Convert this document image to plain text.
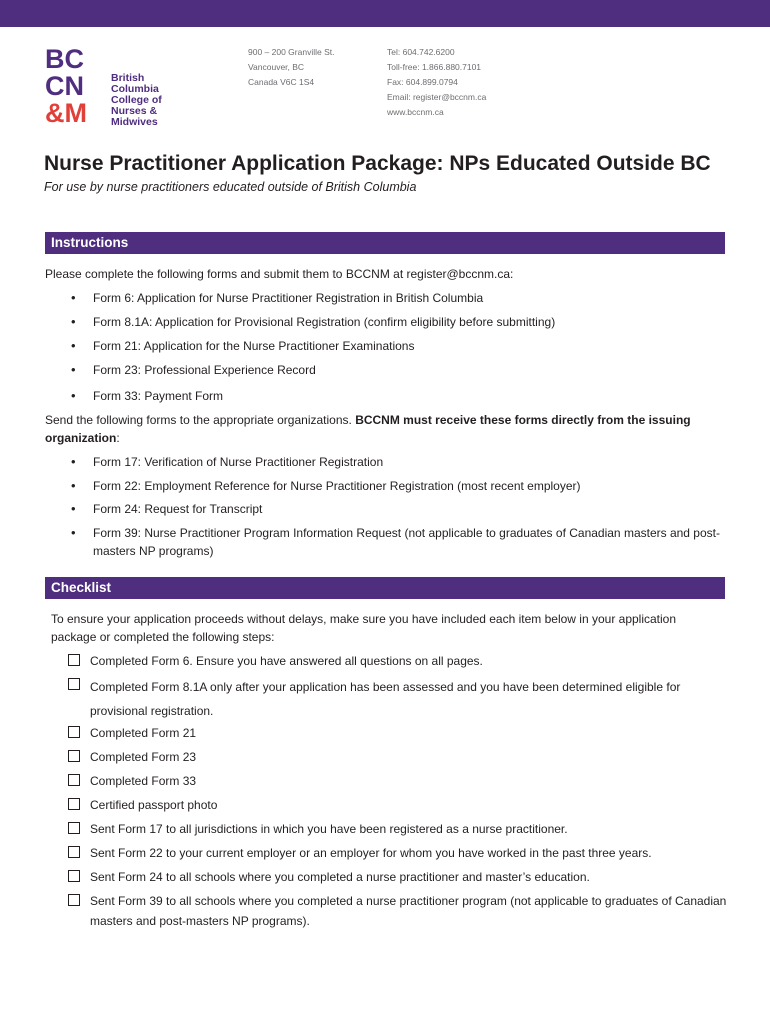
BC
CN
&M
British
Columbia
College of
Nurses &
Midwives
900 – 200 Granville St.
Vancouver, BC
Canada V6C 1S4
Tel: 604.742.6200
Toll-free: 1.866.880.7101
Fax: 604.899.0794
Email: register@bccnm.ca
www.bccnm.ca
Nurse Practitioner Application Package: NPs Educated Outside BC
For use by nurse practitioners educated outside of British Columbia
Instructions
Please complete the following forms and submit them to BCCNM at register@bccnm.ca:
• Form 6: Application for Nurse Practitioner Registration in British Columbia
• Form 8.1A: Application for Provisional Registration (confirm eligibility before submitting)
• Form 21: Application for the Nurse Practitioner Examinations
• Form 23: Professional Experience Record
• Form 33: Payment Form
Send the following forms to the appropriate organizations. BCCNM must receive these forms directly from the issuing organization:
• Form 17: Verification of Nurse Practitioner Registration
• Form 22: Employment Reference for Nurse Practitioner Registration (most recent employer)
• Form 24: Request for Transcript
• Form 39: Nurse Practitioner Program Information Request (not applicable to graduates of Canadian masters and post-masters NP programs)
Checklist
To ensure your application proceeds without delays, make sure you have included each item below in your application package or completed the following steps:
Completed Form 6. Ensure you have answered all questions on all pages.
Completed Form 8.1A only after your application has been assessed and you have been determined eligible for provisional registration.
Completed Form 21
Completed Form 23
Completed Form 33
Certified passport photo
Sent Form 17 to all jurisdictions in which you have been registered as a nurse practitioner.
Sent Form 22 to your current employer or an employer for whom you have worked in the past three years.
Sent Form 24 to all schools where you completed a nurse practitioner and master’s education.
Sent Form 39 to all schools where you completed a nurse practitioner program (not applicable to graduates of Canadian masters and post-masters NP programs).
